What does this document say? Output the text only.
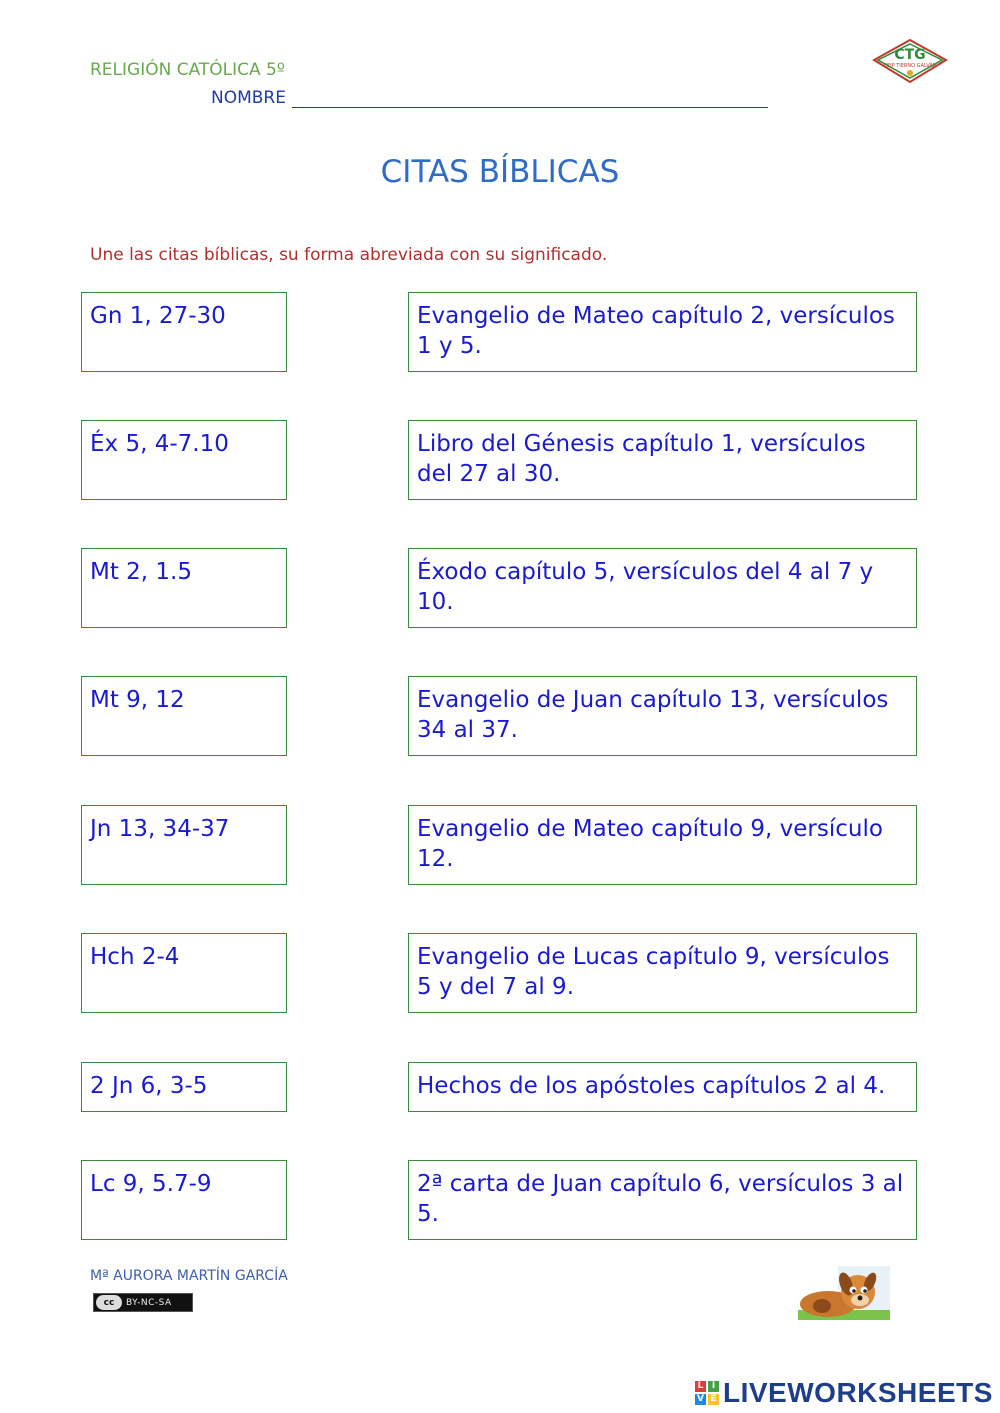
RELIGIÓN CATÓLICA 5º
NOMBRE
CTG
CEIP TIERNO GALVÁN
CITAS BÍBLICAS
Une las citas bíblicas, su forma abreviada con su significado.
Gn 1, 27-30	Evangelio de Mateo capítulo 2, versículos 1 y 5.
Éx 5, 4-7.10	Libro del Génesis capítulo 1, versículos del 27 al 30.
Mt 2, 1.5	Éxodo capítulo 5, versículos del 4 al 7 y 10.
Mt 9, 12	Evangelio de Juan capítulo 13, versículos 34 al 37.
Jn 13, 34-37	Evangelio de Mateo capítulo 9, versículo 12.
Hch 2-4	Evangelio de Lucas capítulo 9, versículos 5 y del 7 al 9.
2 Jn 6, 3-5	Hechos de los apóstoles capítulos 2 al 4.
Lc 9, 5.7-9	2ª carta de Juan capítulo 6, versículos 3 al 5.
Mª AURORA MARTÍN GARCÍA
cc	BY-NC-SA
L I
V E LIVEWORKSHEETS
